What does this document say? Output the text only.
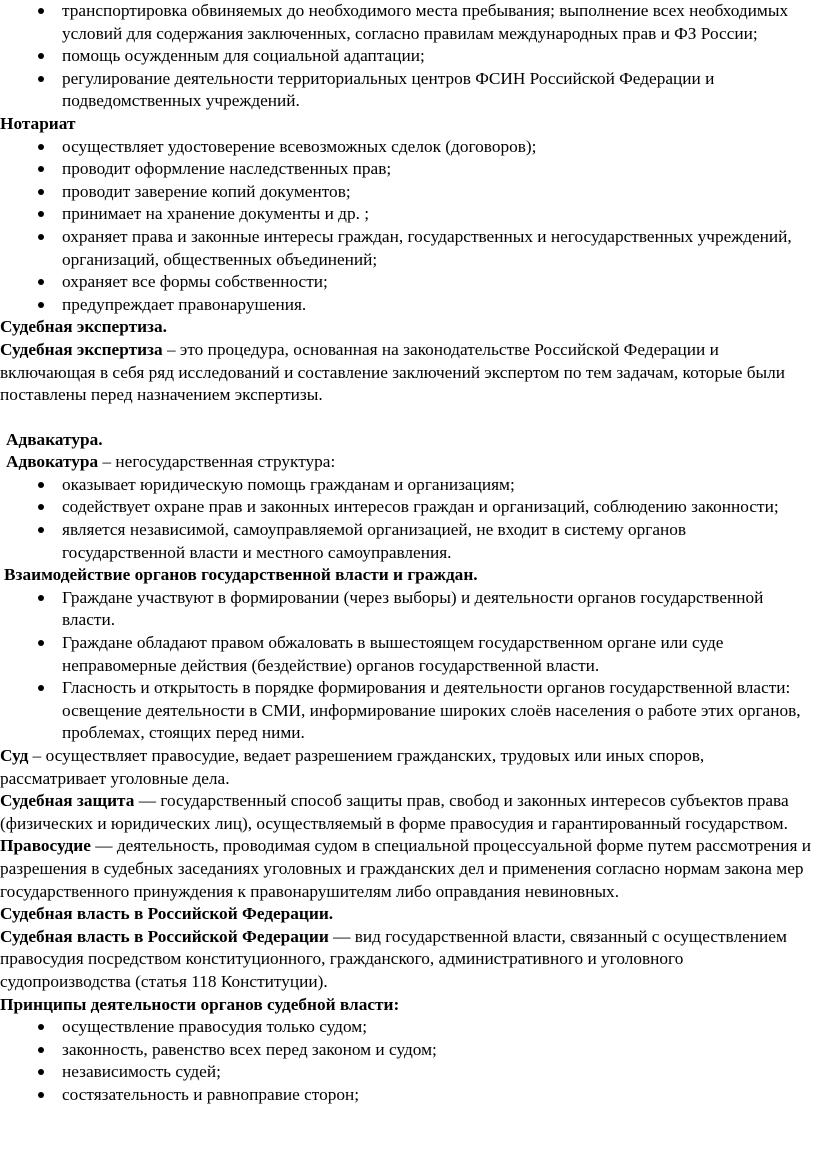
транспортировка обвиняемых до необходимого места пребывания; выполнение всех необходимых условий для содержания заключенных, согласно правилам международных прав и ФЗ России;
помощь осужденным для социальной адаптации;
регулирование деятельности территориальных центров ФСИН Российской Федерации и подведомственных учреждений.

Нотариат

осуществляет удостоверение всевозможных сделок (договоров);
проводит оформление наследственных прав;
проводит заверение копий документов;
принимает на хранение документы и др. ;
охраняет права и законные интересы граждан, государственных и негосударственных учреждений, организаций, общественных объединений;
охраняет все формы собственности;
предупреждает правонарушения.

Судебная экспертиза.

Судебная экспертиза – это процедура, основанная на законодательстве Российской Федерации и включающая в себя ряд исследований и составление заключений экспертом по тем задачам, которые были поставлены перед назначением экспертизы.

Адвакатура.

Адвокатура – негосударственная структура:

оказывает юридическую помощь гражданам и организациям;
содействует охране прав и законных интересов граждан и организаций, соблюдению законности;
является независимой, самоуправляемой организацией, не входит в систему органов государственной власти и местного самоуправления.

Взаимодействие органов государственной власти и граждан.

Граждане участвуют в формировании (через выборы) и деятельности органов государственной власти.
Граждане обладают правом обжаловать в вышестоящем государственном органе или суде неправомерные действия (бездействие) органов государственной власти.
Гласность и открытость в порядке формирования и деятельности органов государственной власти: освещение деятельности в СМИ, информирование широких слоёв населения о работе этих органов, проблемах, стоящих перед ними.

Суд – осуществляет правосудие, ведает разрешением гражданских, трудовых или иных споров, рассматривает уголовные дела.

Судебная защита — государственный способ защиты прав, свобод и законных интересов субъектов права (физических и юридических лиц), осуществляемый в форме правосудия и гарантированный государством.

Правосудие — деятельность, проводимая судом в специальной процессуальной форме путем рассмотрения и разрешения в судебных заседаниях уголовных и гражданских дел и применения согласно нормам закона мер государственного принуждения к правонарушителям либо оправдания невиновных.

Судебная власть в Российской Федерации.

Судебная власть в Российской Федерации — вид государственной власти, связанный с осуществлением правосудия посредством конституционного, гражданского, административного и уголовного судопроизводства (статья 118 Конституции).

Принципы деятельности органов судебной власти:

осуществление правосудия только судом;
законность, равенство всех перед законом и судом;
независимость судей;
состязательность и равноправие сторон;
